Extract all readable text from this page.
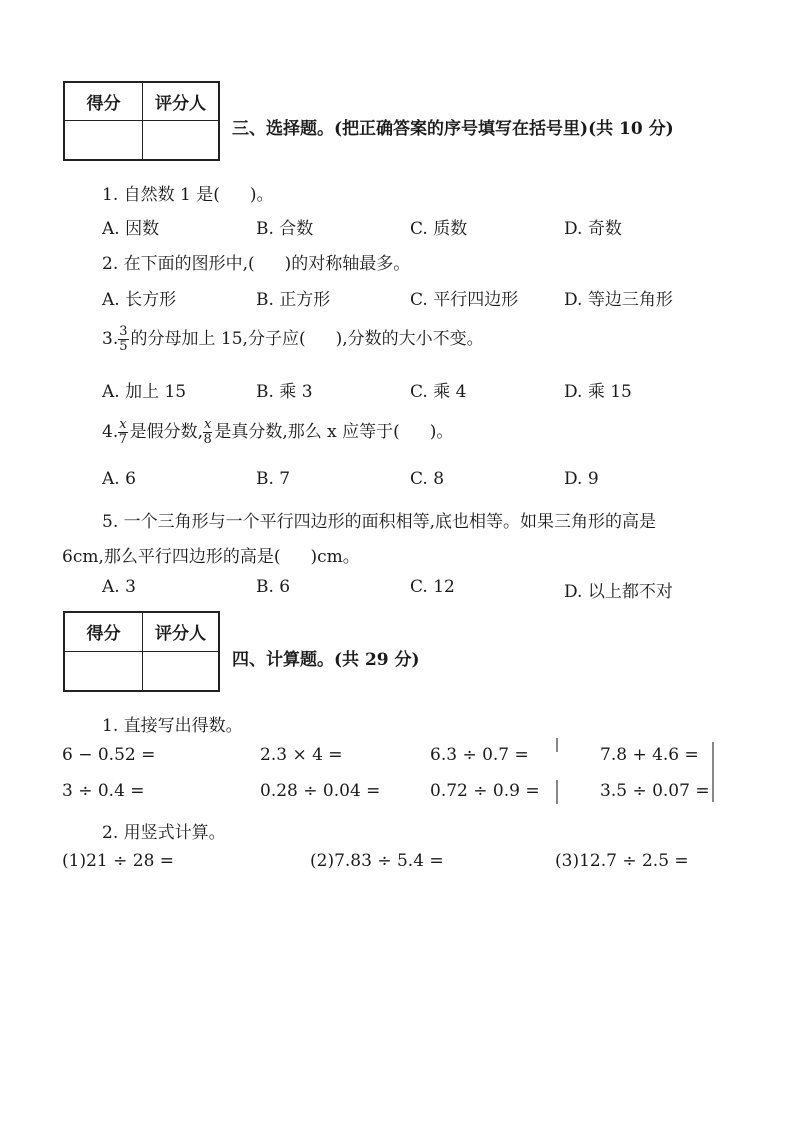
得分	评分人
三、选择题。(把正确答案的序号填写在括号里)(共 10 分)
1. 自然数 1 是( )。
A. 因数	B. 合数	C. 质数	D. 奇数
2. 在下面的图形中,( )的对称轴最多。
A. 长方形	B. 正方形	C. 平行四边形	D. 等边三角形
3. $\frac{3}{5}$ 的分母加上 15,分子应( ),分数的大小不变。
A. 加上 15	B. 乘 3	C. 乘 4	D. 乘 15
4. $\frac{x}{7}$ 是假分数, $\frac{x}{8}$ 是真分数,那么 x 应等于( )。
A. 6	B. 7	C. 8	D. 9
5. 一个三角形与一个平行四边形的面积相等,底也相等。如果三角形的高是
6cm,那么平行四边形的高是( )cm。
A. 3	B. 6	C. 12	D. 以上都不对
得分	评分人
四、计算题。(共 29 分)
1. 直接写出得数。
6 − 0.52 =	2.3 × 4 =	6.3 ÷ 0.7 =	7.8 + 4.6 =
3 ÷ 0.4 =	0.28 ÷ 0.04 =	0.72 ÷ 0.9 =	3.5 ÷ 0.07 =
2. 用竖式计算。
(1)21 ÷ 28 =	(2)7.83 ÷ 5.4 =	(3)12.7 ÷ 2.5 =
